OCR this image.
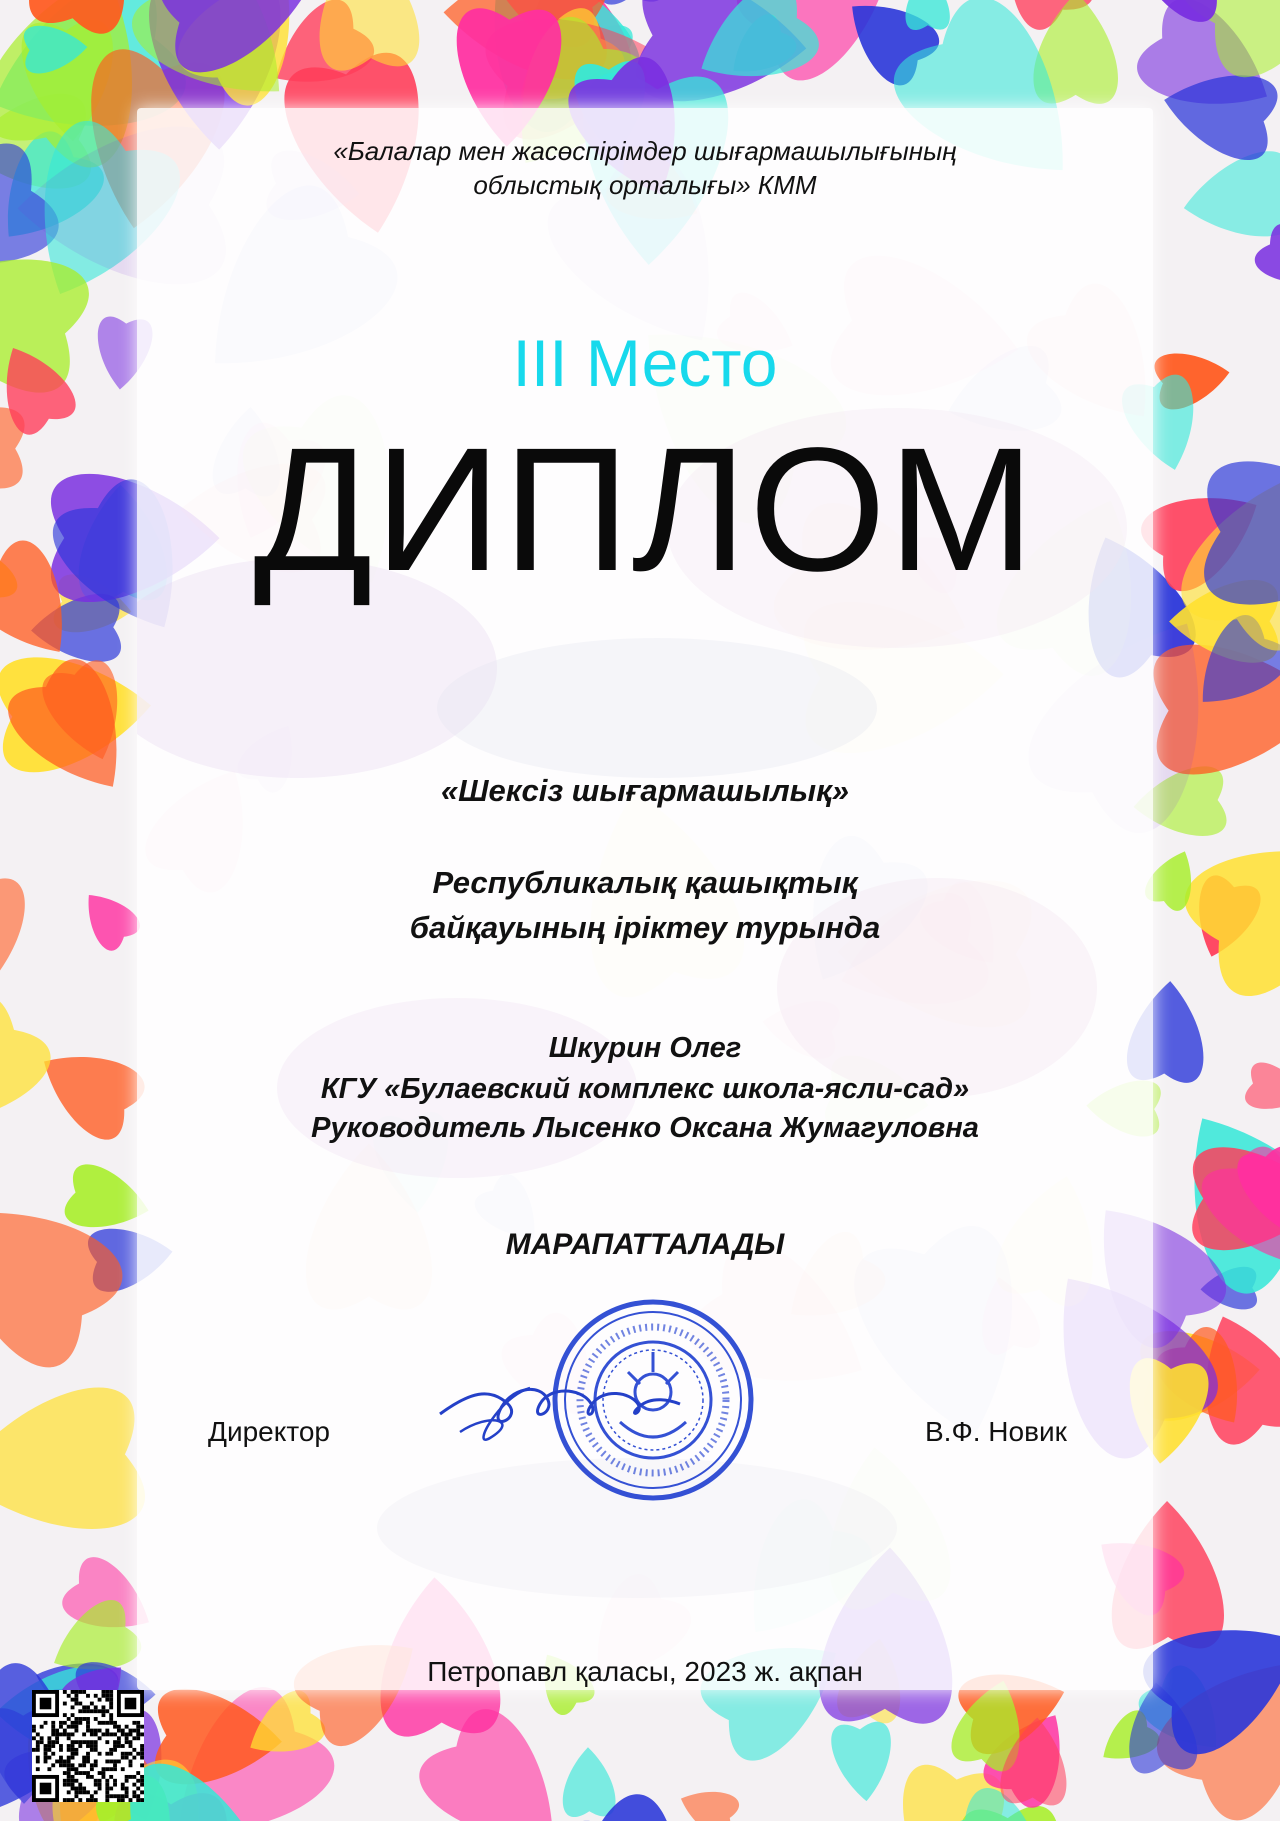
«Балалар мен жасөспірімдер шығармашылығының
облыстық орталығы» КММ
III Место
ДИПЛОМ
«Шексіз шығармашылық»
Республикалық қашықтық
байқауының іріктеу турында
Шкурин Олег
КГУ «Булаевский комплекс школа-ясли-сад»
Руководитель Лысенко Оксана Жумагуловна
МАРАПАТТАЛАДЫ
Директор	В.Ф. Новик
Петропавл қаласы, 2023 ж. ақпан
